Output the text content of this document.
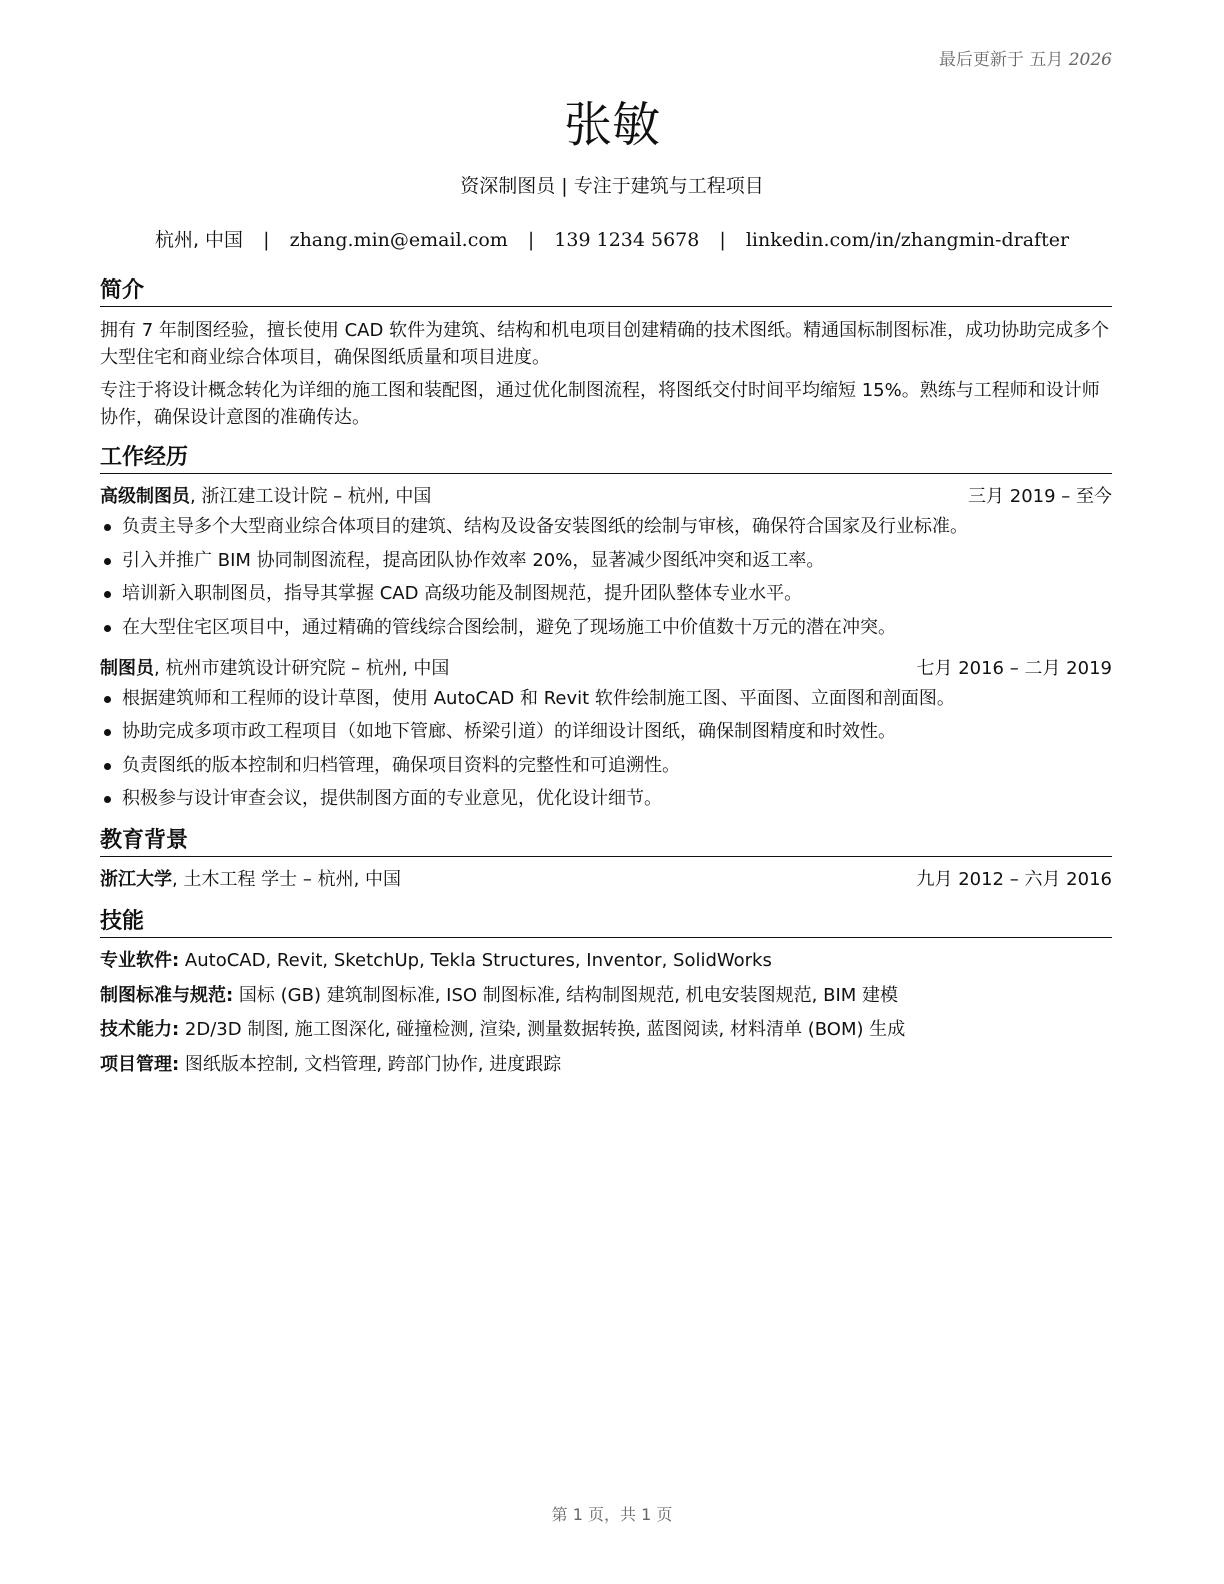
最后更新于 五月 2026
张敏
资深制图员 | 专注于建筑与工程项目
杭州, 中国 | zhang.min@email.com | 139 1234 5678 | linkedin.com/in/zhangmin-drafter
简介

拥有 7 年制图经验，擅长使用 CAD 软件为建筑、结构和机电项目创建精确的技术图纸。精通国标制图标准，成功协助完成多个大型住宅和商业综合体项目，确保图纸质量和项目进度。

专注于将设计概念转化为详细的施工图和装配图，通过优化制图流程，将图纸交付时间平均缩短 15%。熟练与工程师和设计师协作，确保设计意图的准确传达。

工作经历
高级制图员, 浙江建工设计院 – 杭州, 中国	三月 2019 – 至今
负责主导多个大型商业综合体项目的建筑、结构及设备安装图纸的绘制与审核，确保符合国家及行业标准。
引入并推广 BIM 协同制图流程，提高团队协作效率 20%，显著减少图纸冲突和返工率。
培训新入职制图员，指导其掌握 CAD 高级功能及制图规范，提升团队整体专业水平。
在大型住宅区项目中，通过精确的管线综合图绘制，避免了现场施工中价值数十万元的潜在冲突。
制图员, 杭州市建筑设计研究院 – 杭州, 中国	七月 2016 – 二月 2019
根据建筑师和工程师的设计草图，使用 AutoCAD 和 Revit 软件绘制施工图、平面图、立面图和剖面图。
协助完成多项市政工程项目（如地下管廊、桥梁引道）的详细设计图纸，确保制图精度和时效性。
负责图纸的版本控制和归档管理，确保项目资料的完整性和可追溯性。
积极参与设计审查会议，提供制图方面的专业意见，优化设计细节。
教育背景
浙江大学, 土木工程 学士 – 杭州, 中国	九月 2012 – 六月 2016
技能
专业软件: AutoCAD, Revit, SketchUp, Tekla Structures, Inventor, SolidWorks
制图标准与规范: 国标 (GB) 建筑制图标准, ISO 制图标准, 结构制图规范, 机电安装图规范, BIM 建模
技术能力: 2D/3D 制图, 施工图深化, 碰撞检测, 渲染, 测量数据转换, 蓝图阅读, 材料清单 (BOM) 生成
项目管理: 图纸版本控制, 文档管理, 跨部门协作, 进度跟踪
第 1 页，共 1 页
